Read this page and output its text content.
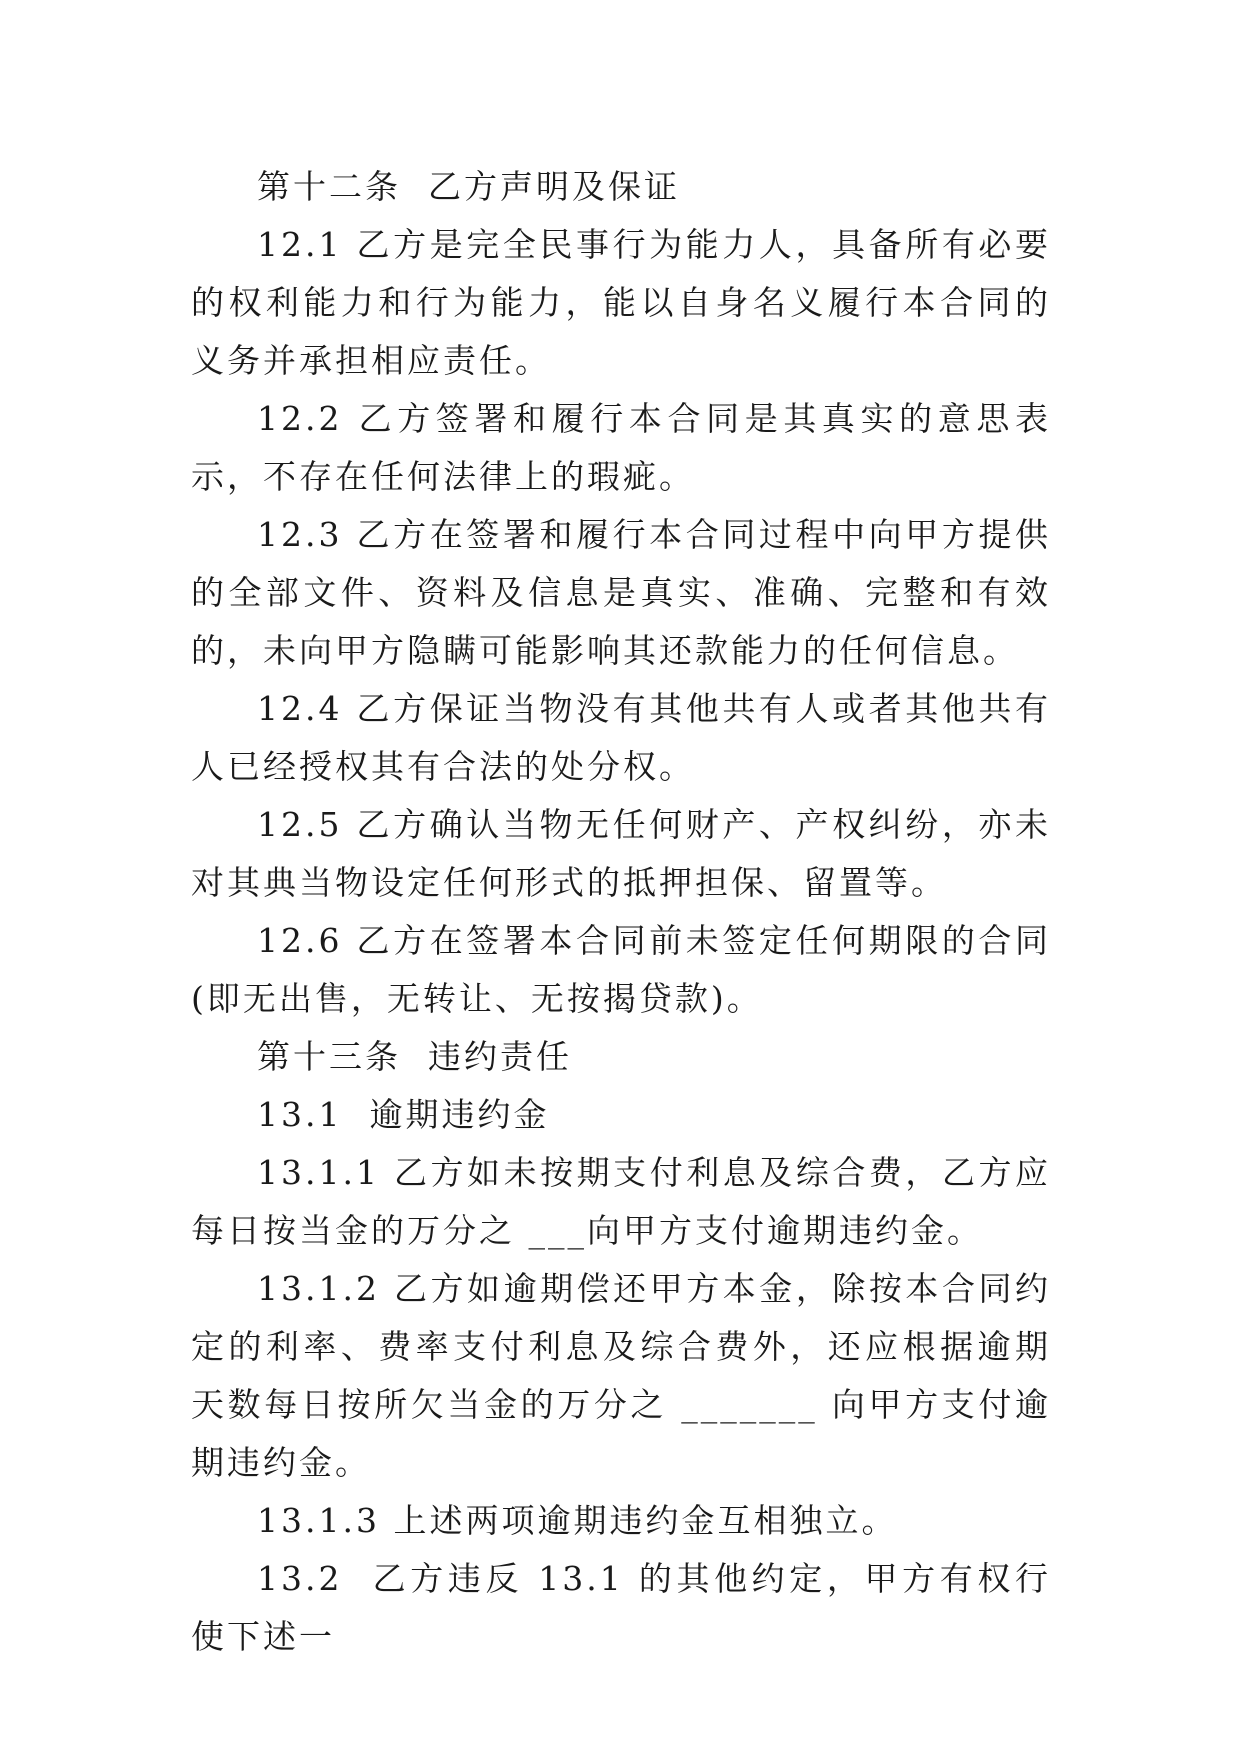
第十二条  乙方声明及保证

12.1 乙方是完全民事行为能力人，具备所有必要的权利能力和行为能力，能以自身名义履行本合同的义务并承担相应责任。

12.2 乙方签署和履行本合同是其真实的意思表示，不存在任何法律上的瑕疵。

12.3 乙方在签署和履行本合同过程中向甲方提供的全部文件、资料及信息是真实、准确、完整和有效的，未向甲方隐瞒可能影响其还款能力的任何信息。

12.4 乙方保证当物没有其他共有人或者其他共有人已经授权其有合法的处分权。

12.5 乙方确认当物无任何财产、产权纠纷，亦未对其典当物设定任何形式的抵押担保、留置等。

12.6 乙方在签署本合同前未签定任何期限的合同(即无出售，无转让、无按揭贷款)。

第十三条  违约责任

13.1  逾期违约金

13.1.1 乙方如未按期支付利息及综合费，乙方应每日按当金的万分之 ___向甲方支付逾期违约金。

13.1.2 乙方如逾期偿还甲方本金，除按本合同约定的利率、费率支付利息及综合费外，还应根据逾期天数每日按所欠当金的万分之 _______ 向甲方支付逾期违约金。

13.1.3 上述两项逾期违约金互相独立。

13.2  乙方违反 13.1 的其他约定，甲方有权行使下述一
